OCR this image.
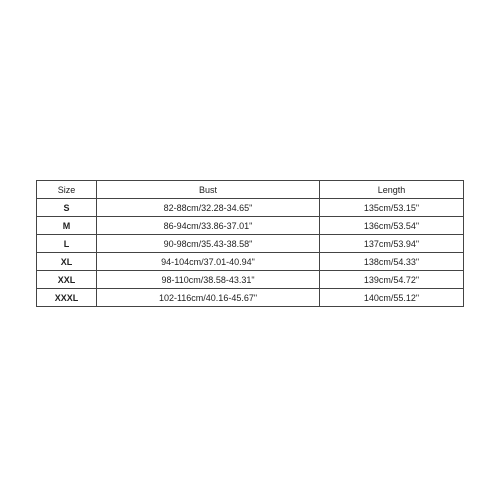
Size	Bust	Length
S	82-88cm/32.28-34.65"	135cm/53.15"
M	86-94cm/33.86-37.01"	136cm/53.54"
L	90-98cm/35.43-38.58"	137cm/53.94"
XL	94-104cm/37.01-40.94"	138cm/54.33"
XXL	98-110cm/38.58-43.31"	139cm/54.72"
XXXL	102-116cm/40.16-45.67"	140cm/55.12"
